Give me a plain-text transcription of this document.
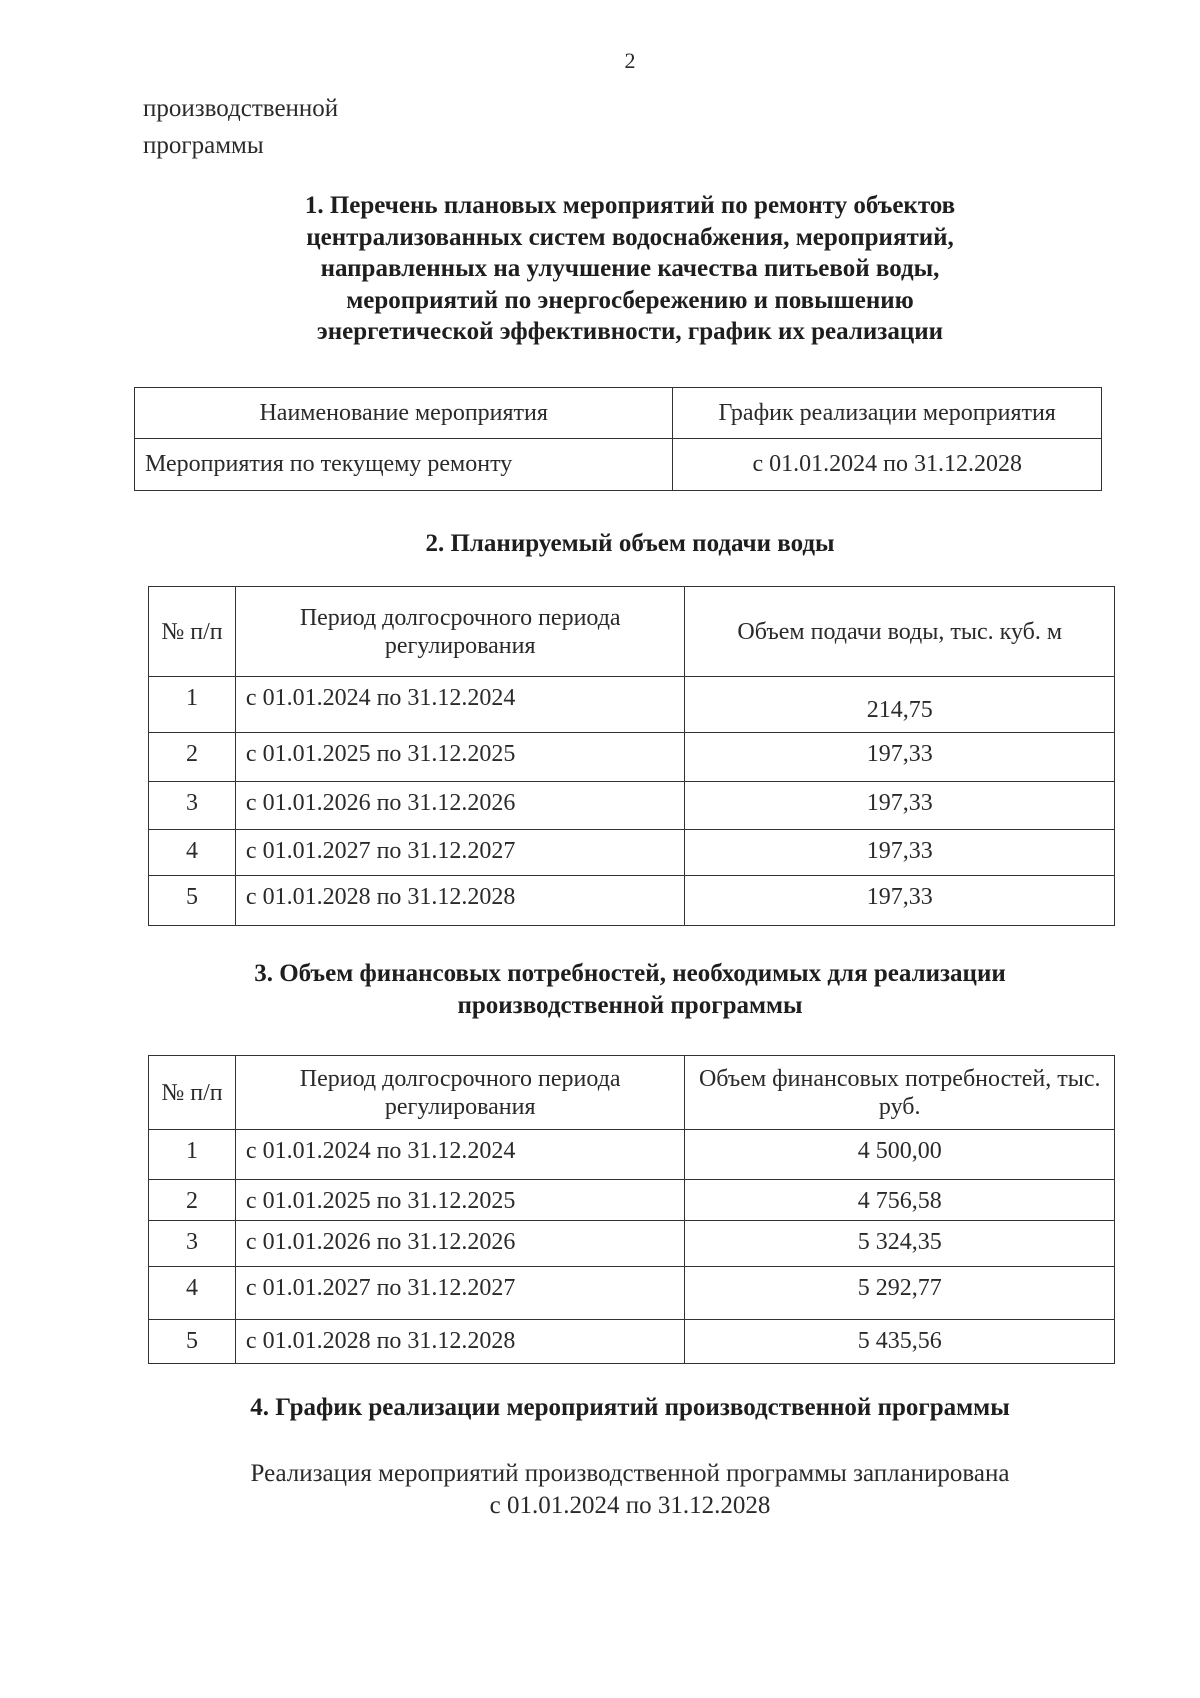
2
производственной
программы
1. Перечень плановых мероприятий по ремонту объектов
централизованных систем водоснабжения, мероприятий,
направленных на улучшение качества питьевой воды,
мероприятий по энергосбережению и повышению
энергетической эффективности, график их реализации
Наименование мероприятия	График реализации мероприятия
Мероприятия по текущему ремонту	с 01.01.2024 по 31.12.2028
2. Планируемый объем подачи воды
№ п/п	Период долгосрочного периода регулирования	Объем подачи воды, тыс. куб. м
1	с 01.01.2024 по 31.12.2024	214,75
2	с 01.01.2025 по 31.12.2025	197,33
3	с 01.01.2026 по 31.12.2026	197,33
4	с 01.01.2027 по 31.12.2027	197,33
5	с 01.01.2028 по 31.12.2028	197,33
3. Объем финансовых потребностей, необходимых для реализации
производственной программы
№ п/п	Период долгосрочного периода регулирования	Объем финансовых потребностей, тыс. руб.
1	с 01.01.2024 по 31.12.2024	4 500,00
2	с 01.01.2025 по 31.12.2025	4 756,58
3	с 01.01.2026 по 31.12.2026	5 324,35
4	с 01.01.2027 по 31.12.2027	5 292,77
5	с 01.01.2028 по 31.12.2028	5 435,56
4. График реализации мероприятий производственной программы
Реализация мероприятий производственной программы запланирована
с 01.01.2024 по 31.12.2028
